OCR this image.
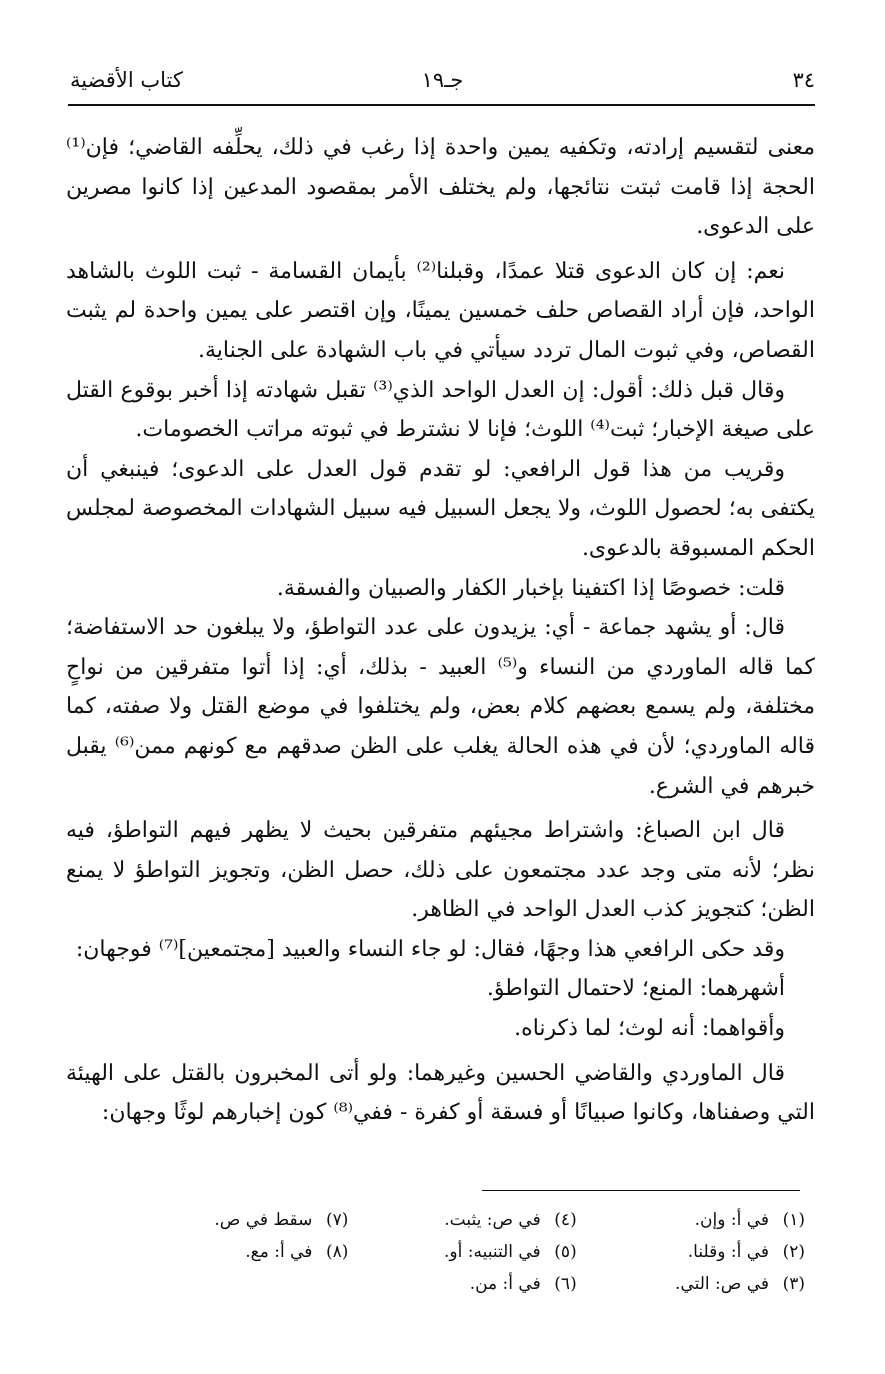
٣٤
جـ١٩
كتاب الأقضية

معنى لتقسيم إرادته، وتكفيه يمين واحدة إذا رغب في ذلك، يحلِّفه القاضي؛ فإن⁽¹⁾ الحجة إذا قامت ثبتت نتائجها، ولم يختلف الأمر بمقصود المدعين إذا كانوا مصرين على الدعوى.

نعم: إن كان الدعوى قتلا عمدًا، وقبلنا⁽²⁾ بأيمان القسامة - ثبت اللوث بالشاهد الواحد، فإن أراد القصاص حلف خمسين يمينًا، وإن اقتصر على يمين واحدة لم يثبت القصاص، وفي ثبوت المال تردد سيأتي في باب الشهادة على الجناية.

وقال قبل ذلك: أقول: إن العدل الواحد الذي⁽³⁾ تقبل شهادته إذا أخبر بوقوع القتل على صيغة الإخبار؛ ثبت⁽⁴⁾ اللوث؛ فإنا لا نشترط في ثبوته مراتب الخصومات.

وقريب من هذا قول الرافعي: لو تقدم قول العدل على الدعوى؛ فينبغي أن يكتفى به؛ لحصول اللوث، ولا يجعل السبيل فيه سبيل الشهادات المخصوصة لمجلس الحكم المسبوقة بالدعوى.

قلت: خصوصًا إذا اكتفينا بإخبار الكفار والصبيان والفسقة.

قال: أو يشهد جماعة - أي: يزيدون على عدد التواطؤ، ولا يبلغون حد الاستفاضة؛ كما قاله الماوردي من النساء و⁽⁵⁾ العبيد - بذلك، أي: إذا أتوا متفرقين من نواحٍ مختلفة، ولم يسمع بعضهم كلام بعض، ولم يختلفوا في موضع القتل ولا صفته، كما قاله الماوردي؛ لأن في هذه الحالة يغلب على الظن صدقهم مع كونهم ممن⁽⁶⁾ يقبل خبرهم في الشرع.

قال ابن الصباغ: واشتراط مجيئهم متفرقين بحيث لا يظهر فيهم التواطؤ، فيه نظر؛ لأنه متى وجد عدد مجتمعون على ذلك، حصل الظن، وتجويز التواطؤ لا يمنع الظن؛ كتجويز كذب العدل الواحد في الظاهر.

وقد حكى الرافعي هذا وجهًا، فقال: لو جاء النساء والعبيد [مجتمعين]⁽⁷⁾ فوجهان:

أشهرهما: المنع؛ لاحتمال التواطؤ.

وأقواهما: أنه لوث؛ لما ذكرناه.

قال الماوردي والقاضي الحسين وغيرهما: ولو أتى المخبرون بالقتل على الهيئة التي وصفناها، وكانوا صبيانًا أو فسقة أو كفرة - ففي⁽⁸⁾ كون إخبارهم لوثًا وجهان:

(١)في أ: وإن.
(٢)في أ: وقلنا.
(٣)في ص: التي.
(٤)في ص: يثبت.
(٥)في التنبيه: أو.
(٦)في أ: من.
(٧)سقط في ص.
(٨)في أ: مع.
